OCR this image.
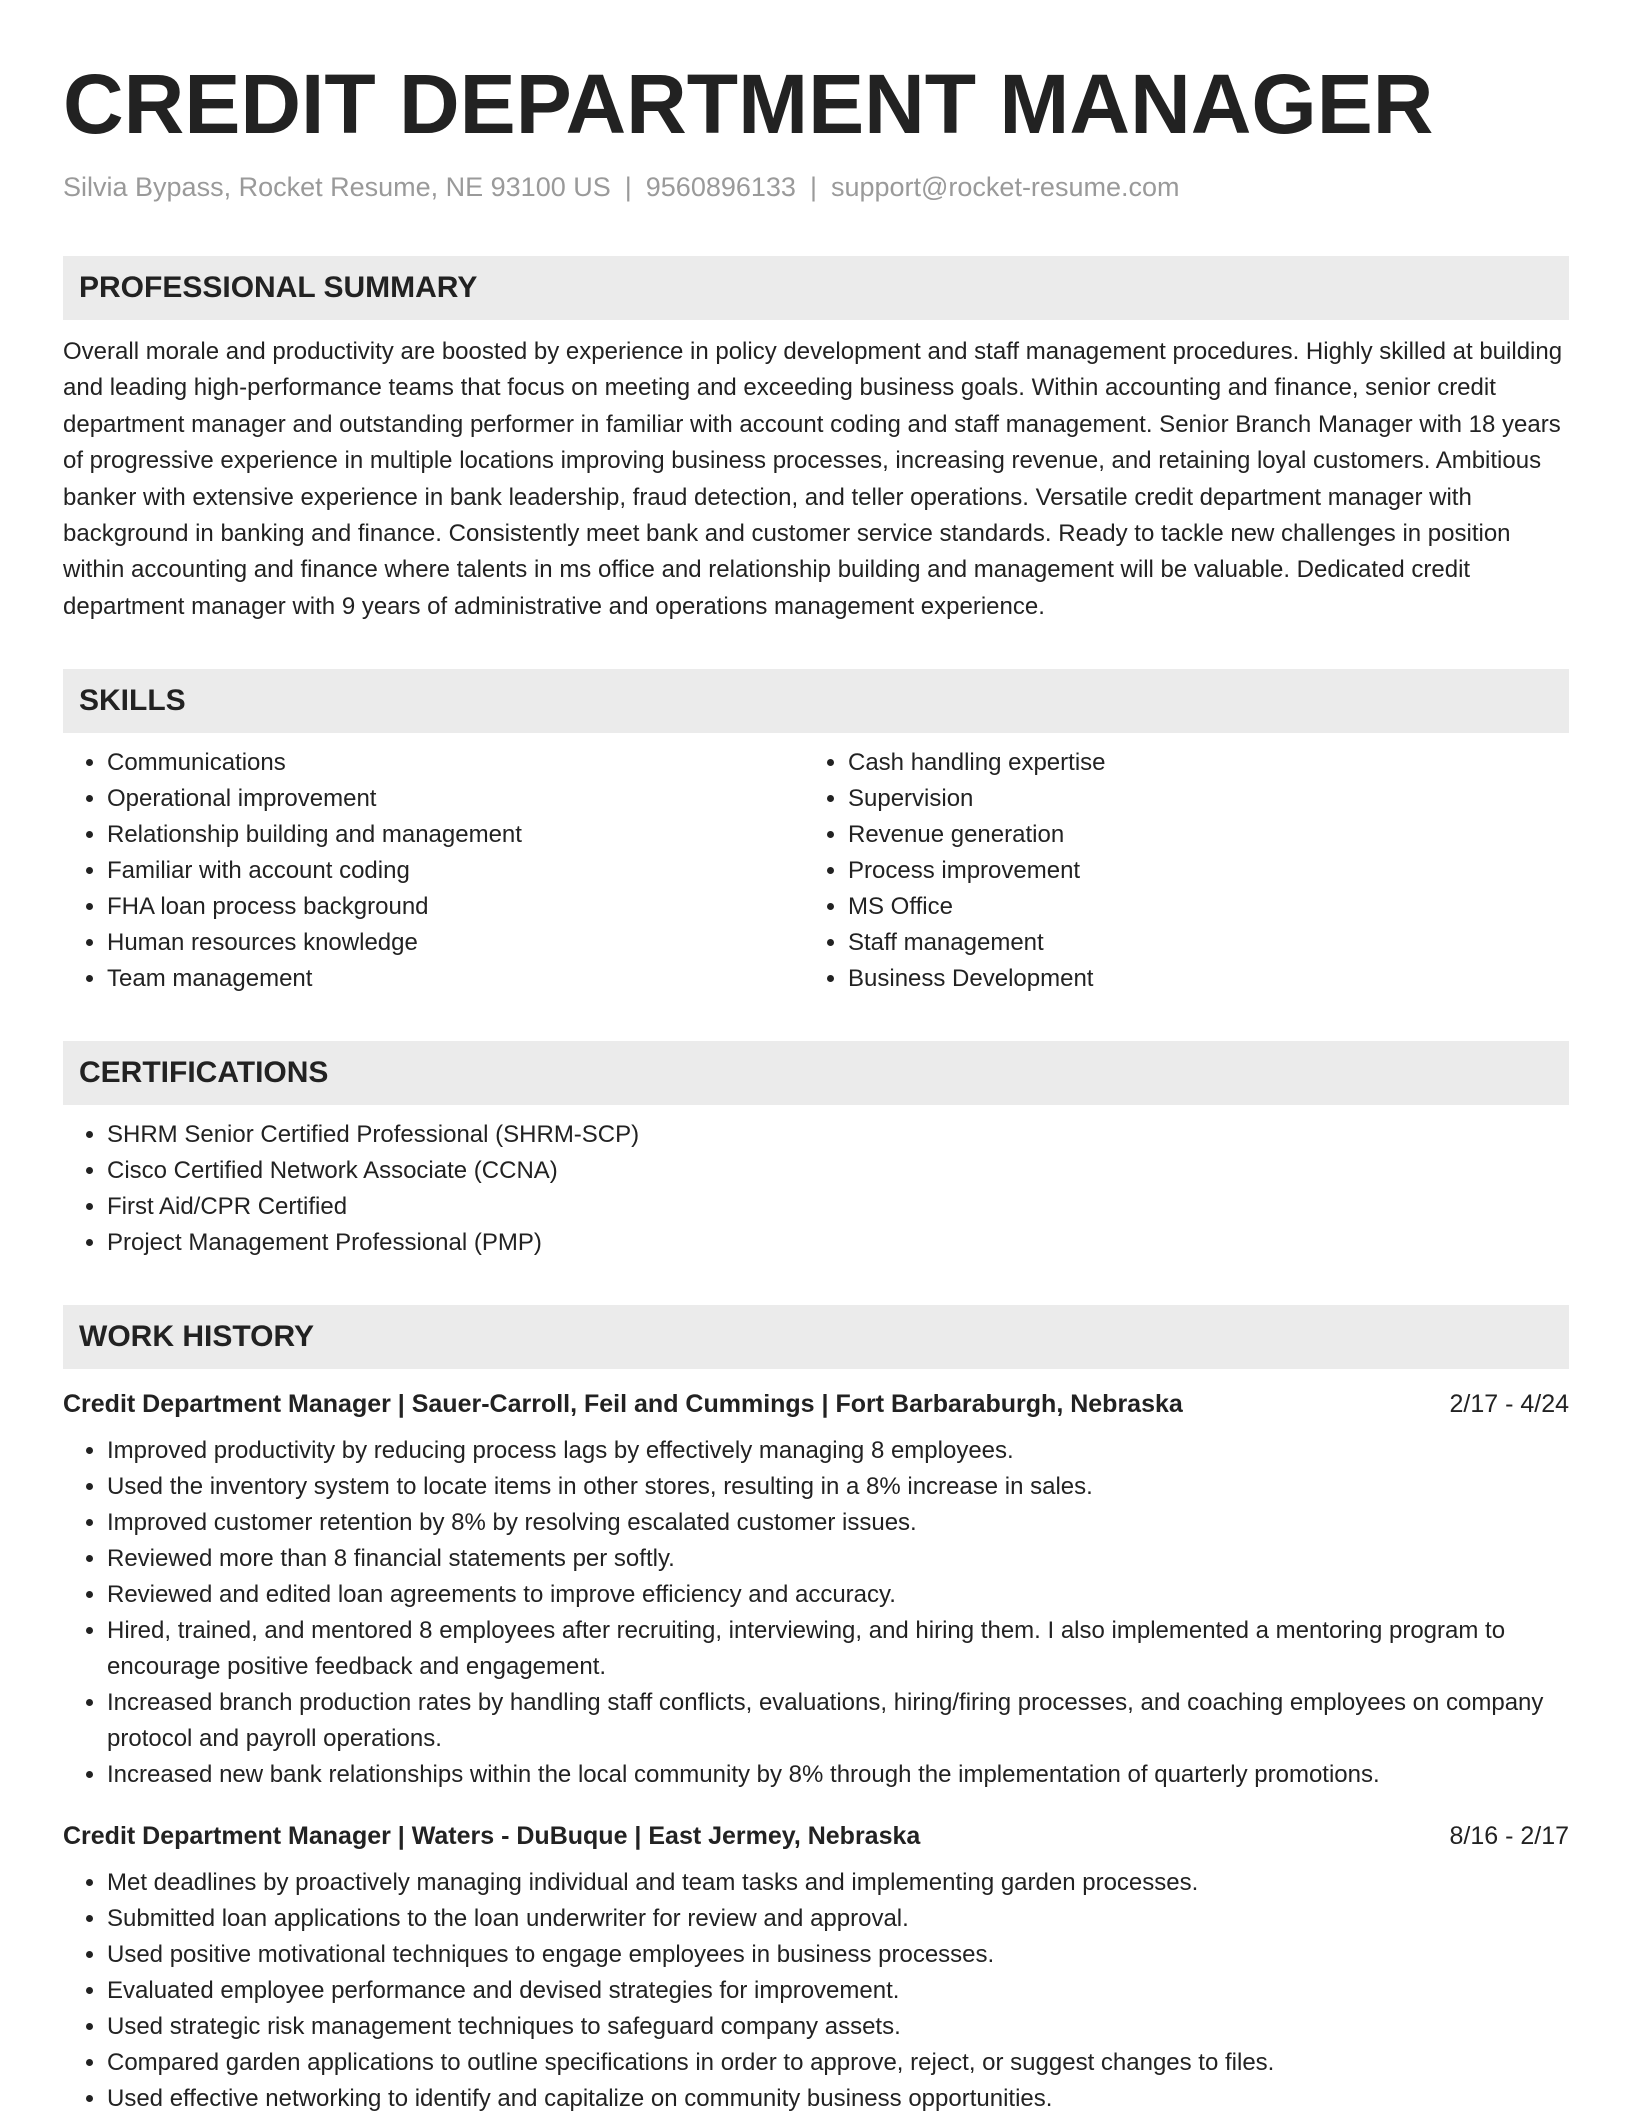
CREDIT DEPARTMENT MANAGER
Silvia Bypass, Rocket Resume, NE 93100 US | 9560896133 | support@rocket-resume.com
PROFESSIONAL SUMMARY
Overall morale and productivity are boosted by experience in policy development and staff management procedures. Highly skilled at building and leading high-performance teams that focus on meeting and exceeding business goals. Within accounting and finance, senior credit department manager and outstanding performer in familiar with account coding and staff management. Senior Branch Manager with 18 years of progressive experience in multiple locations improving business processes, increasing revenue, and retaining loyal customers. Ambitious banker with extensive experience in bank leadership, fraud detection, and teller operations. Versatile credit department manager with background in banking and finance. Consistently meet bank and customer service standards. Ready to tackle new challenges in position within accounting and finance where talents in ms office and relationship building and management will be valuable. Dedicated credit department manager with 9 years of administrative and operations management experience.
SKILLS
• Communications
• Operational improvement
• Relationship building and management
• Familiar with account coding
• FHA loan process background
• Human resources knowledge
• Team management
• Cash handling expertise
• Supervision
• Revenue generation
• Process improvement
• MS Office
• Staff management
• Business Development
CERTIFICATIONS
• SHRM Senior Certified Professional (SHRM-SCP)
• Cisco Certified Network Associate (CCNA)
• First Aid/CPR Certified
• Project Management Professional (PMP)
WORK HISTORY
Credit Department Manager | Sauer-Carroll, Feil and Cummings | Fort Barbaraburgh, Nebraska	2/17 - 4/24
• Improved productivity by reducing process lags by effectively managing 8 employees.
• Used the inventory system to locate items in other stores, resulting in a 8% increase in sales.
• Improved customer retention by 8% by resolving escalated customer issues.
• Reviewed more than 8 financial statements per softly.
• Reviewed and edited loan agreements to improve efficiency and accuracy.
• Hired, trained, and mentored 8 employees after recruiting, interviewing, and hiring them. I also implemented a mentoring program to encourage positive feedback and engagement.
• Increased branch production rates by handling staff conflicts, evaluations, hiring/firing processes, and coaching employees on company protocol and payroll operations.
• Increased new bank relationships within the local community by 8% through the implementation of quarterly promotions.
Credit Department Manager | Waters - DuBuque | East Jermey, Nebraska	8/16 - 2/17
• Met deadlines by proactively managing individual and team tasks and implementing garden processes.
• Submitted loan applications to the loan underwriter for review and approval.
• Used positive motivational techniques to engage employees in business processes.
• Evaluated employee performance and devised strategies for improvement.
• Used strategic risk management techniques to safeguard company assets.
• Compared garden applications to outline specifications in order to approve, reject, or suggest changes to files.
• Used effective networking to identify and capitalize on community business opportunities.
